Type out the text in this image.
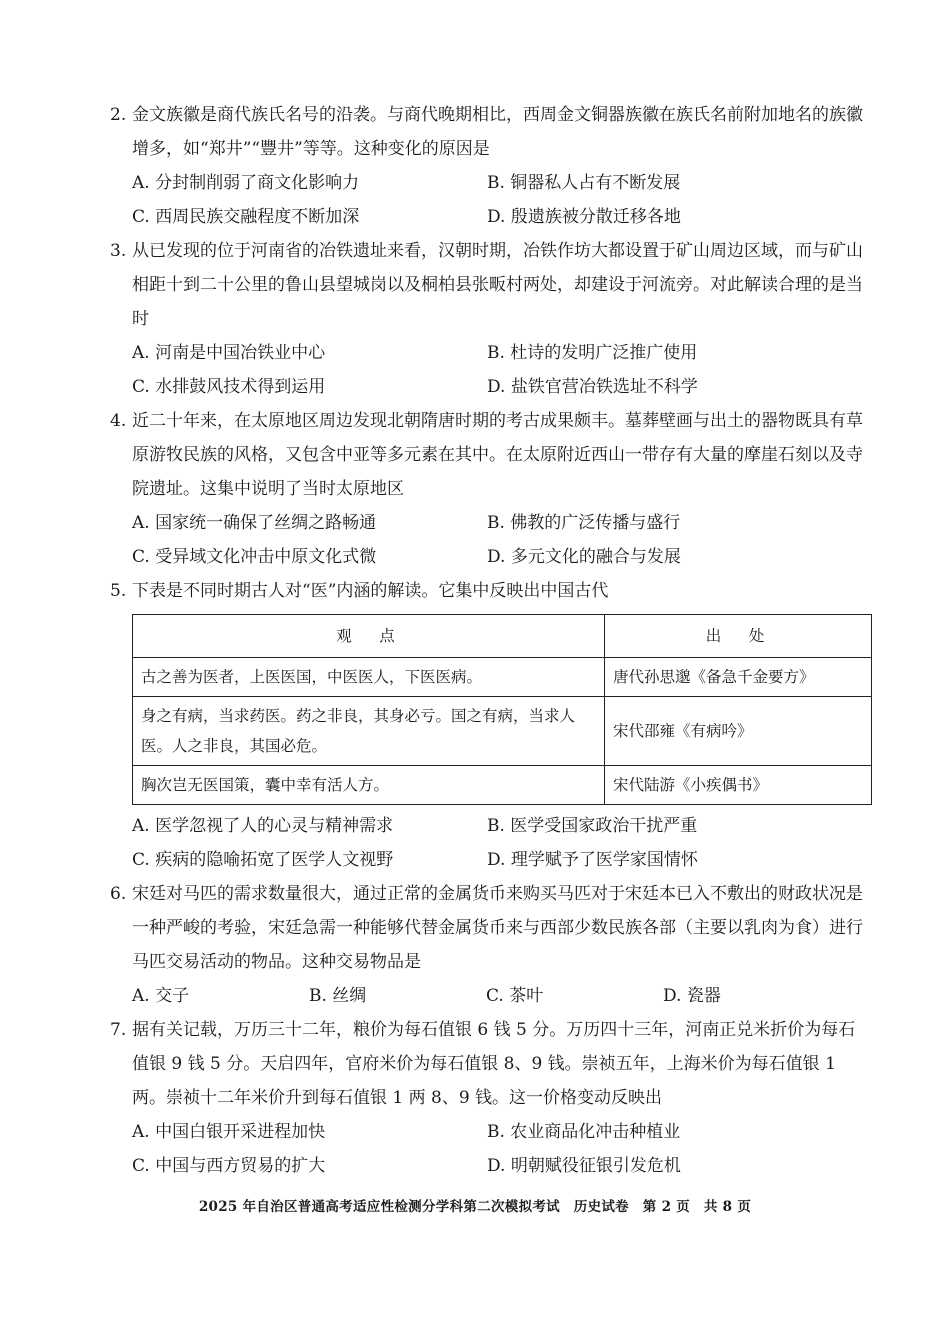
2. 金文族徽是商代族氏名号的沿袭。与商代晚期相比，西周金文铜器族徽在族氏名前附加地名的族徽增多，如“郑井”“豐井”等等。这种变化的原因是
A. 分封制削弱了商文化影响力	B. 铜器私人占有不断发展
C. 西周民族交融程度不断加深	D. 殷遗族被分散迁移各地
3. 从已发现的位于河南省的冶铁遗址来看，汉朝时期，冶铁作坊大都设置于矿山周边区域，而与矿山相距十到二十公里的鲁山县望城岗以及桐柏县张畈村两处，却建设于河流旁。对此解读合理的是当时
A. 河南是中国冶铁业中心	B. 杜诗的发明广泛推广使用
C. 水排鼓风技术得到运用	D. 盐铁官营冶铁选址不科学
4. 近二十年来，在太原地区周边发现北朝隋唐时期的考古成果颇丰。墓葬壁画与出土的器物既具有草原游牧民族的风格，又包含中亚等多元素在其中。在太原附近西山一带存有大量的摩崖石刻以及寺院遗址。这集中说明了当时太原地区
A. 国家统一确保了丝绸之路畅通	B. 佛教的广泛传播与盛行
C. 受异域文化冲击中原文化式微	D. 多元文化的融合与发展
5. 下表是不同时期古人对“医”内涵的解读。它集中反映出中国古代
观　点	出　处
古之善为医者，上医医国，中医医人，下医医病。	唐代孙思邈《备急千金要方》
身之有病，当求药医。药之非良，其身必亏。国之有病，当求人医。人之非良，其国必危。	宋代邵雍《有病吟》
胸次岂无医国策，囊中幸有活人方。	宋代陆游《小疾偶书》
A. 医学忽视了人的心灵与精神需求	B. 医学受国家政治干扰严重
C. 疾病的隐喻拓宽了医学人文视野	D. 理学赋予了医学家国情怀
6. 宋廷对马匹的需求数量很大，通过正常的金属货币来购买马匹对于宋廷本已入不敷出的财政状况是一种严峻的考验，宋廷急需一种能够代替金属货币来与西部少数民族各部（主要以乳肉为食）进行马匹交易活动的物品。这种交易物品是
A. 交子	B. 丝绸	C. 茶叶	D. 瓷器
7. 据有关记载，万历三十二年，粮价为每石值银 6 钱 5 分。万历四十三年，河南正兑米折价为每石值银 9 钱 5 分。天启四年，官府米价为每石值银 8、9 钱。崇祯五年，上海米价为每石值银 1 两。崇祯十二年米价升到每石值银 1 两 8、9 钱。这一价格变动反映出
A. 中国白银开采进程加快	B. 农业商品化冲击种植业
C. 中国与西方贸易的扩大	D. 明朝赋役征银引发危机
2025 年自治区普通高考适应性检测分学科第二次模拟考试　历史试卷　第 2 页　共 8 页
